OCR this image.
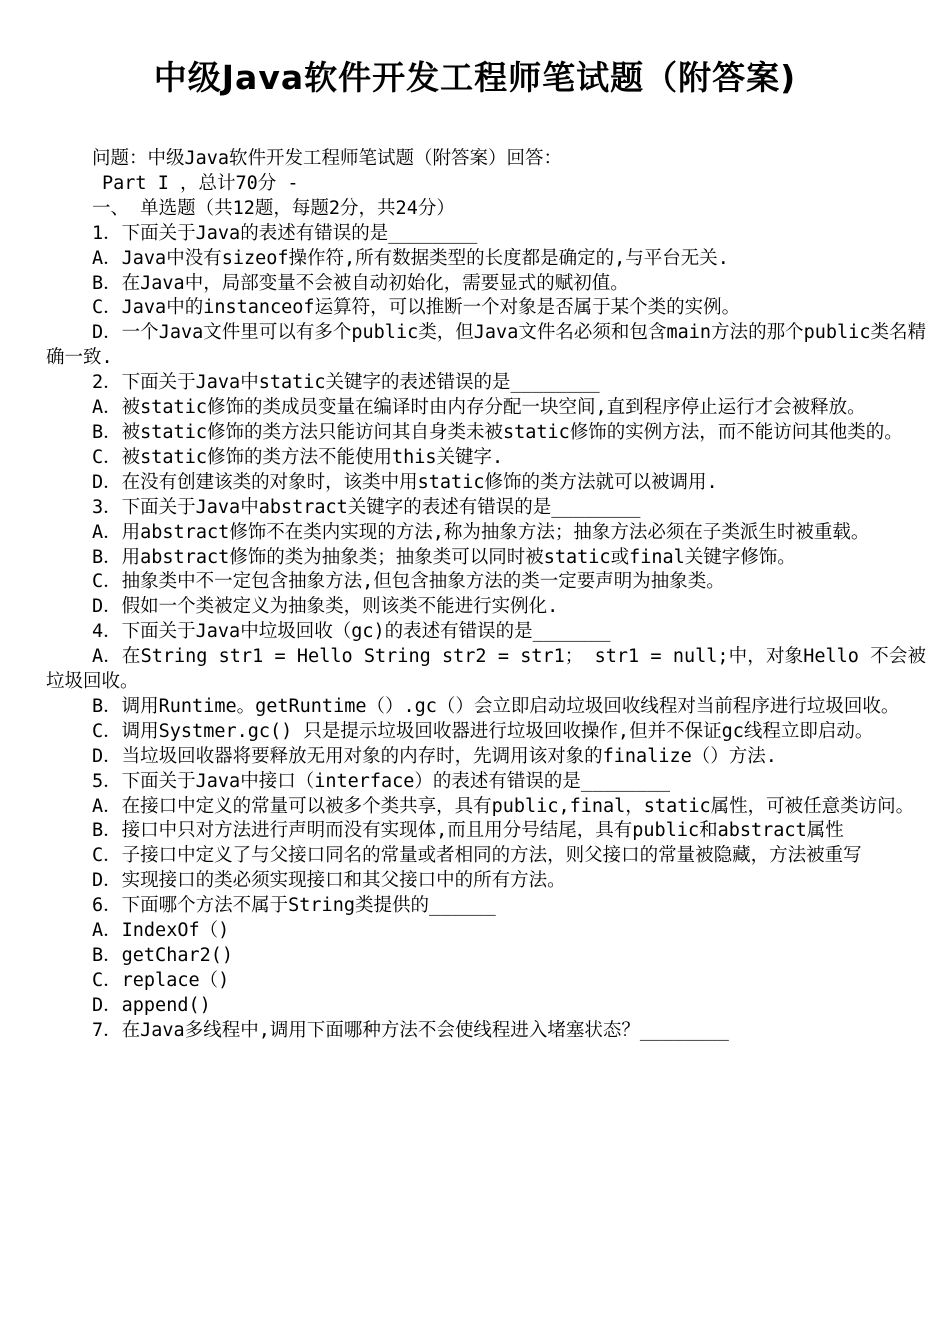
中级Java软件开发工程师笔试题（附答案)

问题：中级Java软件开发工程师笔试题（附答案）回答：

Part I ，总计70分 -

一、 单选题（共12题，每题2分，共24分）

1．下面关于Java的表述有错误的是________

A．Java中没有sizeof操作符,所有数据类型的长度都是确定的,与平台无关.

B．在Java中，局部变量不会被自动初始化，需要显式的赋初值。

C．Java中的instanceof运算符，可以推断一个对象是否属于某个类的实例。

D．一个Java文件里可以有多个public类，但Java文件名必须和包含main方法的那个public类名精确一致.

2．下面关于Java中static关键字的表述错误的是________

A．被static修饰的类成员变量在编译时由内存分配一块空间,直到程序停止运行才会被释放。

B．被static修饰的类方法只能访问其自身类未被static修饰的实例方法，而不能访问其他类的。

C．被static修饰的类方法不能使用this关键字.

D．在没有创建该类的对象时，该类中用static修饰的类方法就可以被调用.

3．下面关于Java中abstract关键字的表述有错误的是________

A．用abstract修饰不在类内实现的方法,称为抽象方法；抽象方法必须在子类派生时被重载。

B．用abstract修饰的类为抽象类；抽象类可以同时被static或final关键字修饰。

C．抽象类中不一定包含抽象方法,但包含抽象方法的类一定要声明为抽象类。

D．假如一个类被定义为抽象类，则该类不能进行实例化.

4．下面关于Java中垃圾回收（gc)的表述有错误的是_______

A．在String str1 = Hello String str2 = str1； str1 = null;中，对象Hello 不会被垃圾回收。

B．调用Runtime。getRuntime（）.gc（）会立即启动垃圾回收线程对当前程序进行垃圾回收。

C．调用Systmer.gc() 只是提示垃圾回收器进行垃圾回收操作,但并不保证gc线程立即启动。

D．当垃圾回收器将要释放无用对象的内存时，先调用该对象的finalize（）方法.

5．下面关于Java中接口（interface）的表述有错误的是________

A．在接口中定义的常量可以被多个类共享，具有public,final，static属性，可被任意类访问。

B．接口中只对方法进行声明而没有实现体,而且用分号结尾，具有public和abstract属性

C．子接口中定义了与父接口同名的常量或者相同的方法，则父接口的常量被隐藏，方法被重写

D．实现接口的类必须实现接口和其父接口中的所有方法。

6．下面哪个方法不属于String类提供的______

A．IndexOf（)

B．getChar2()

C．replace（)

D．append()

7．在Java多线程中,调用下面哪种方法不会使线程进入堵塞状态？________
